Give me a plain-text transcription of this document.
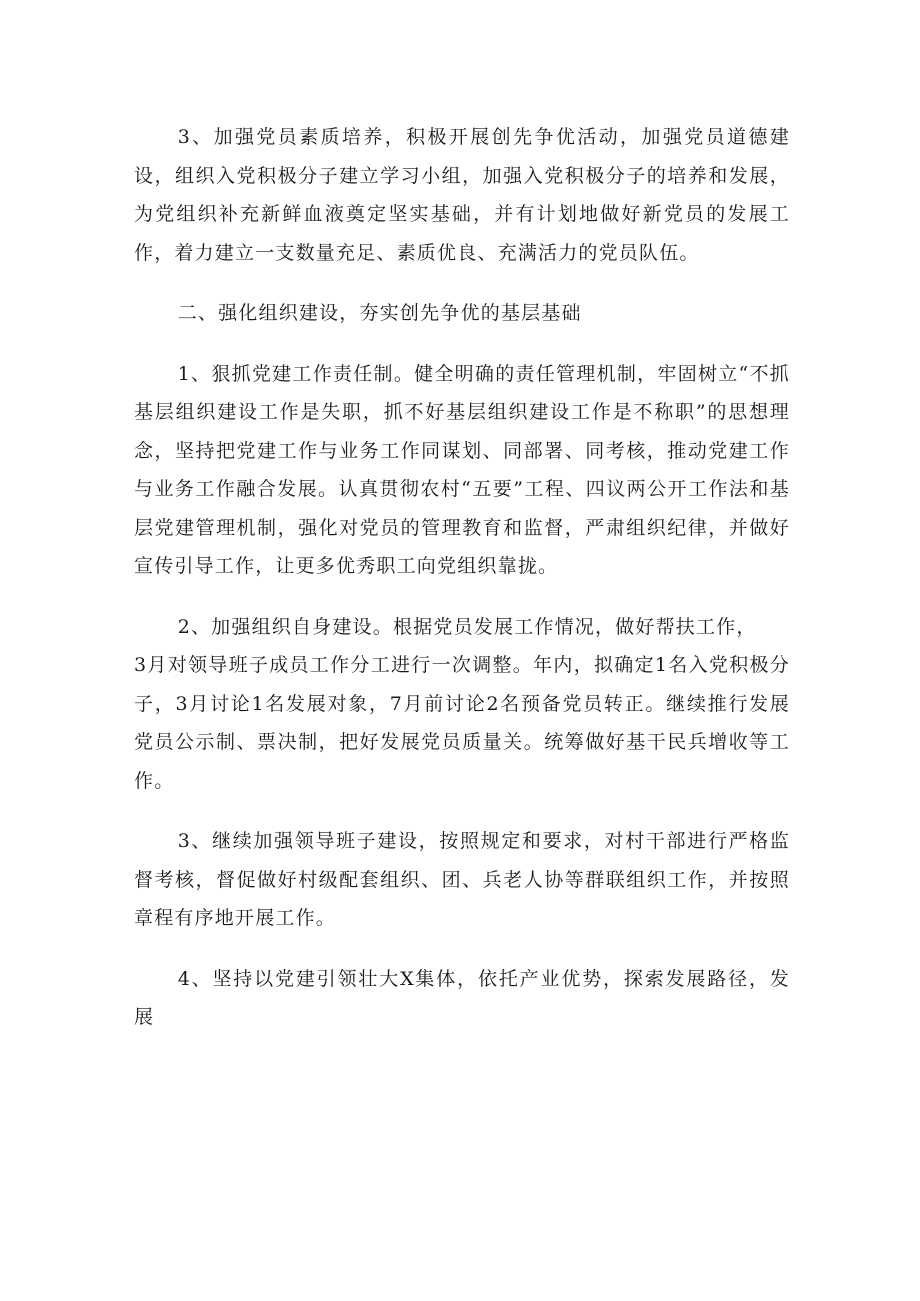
3、加强党员素质培养，积极开展创先争优活动，加强党员道德建设，组织入党积极分子建立学习小组，加强入党积极分子的培养和发展，为党组织补充新鲜血液奠定坚实基础，并有计划地做好新党员的发展工作，着力建立一支数量充足、素质优良、充满活力的党员队伍。

二、强化组织建设，夯实创先争优的基层基础

1、狠抓党建工作责任制。健全明确的责任管理机制，牢固树立“不抓基层组织建设工作是失职，抓不好基层组织建设工作是不称职”的思想理念，坚持把党建工作与业务工作同谋划、同部署、同考核，推动党建工作与业务工作融合发展。认真贯彻农村“五要”工程、四议两公开工作法和基层党建管理机制，强化对党员的管理教育和监督，严肃组织纪律，并做好宣传引导工作，让更多优秀职工向党组织靠拢。

2、加强组织自身建设。根据党员发展工作情况，做好帮扶工作，
3月对领导班子成员工作分工进行一次调整。年内，拟确定1名入党积极分子，3月讨论1名发展对象，7月前讨论2名预备党员转正。继续推行发展党员公示制、票决制，把好发展党员质量关。统筹做好基干民兵增收等工作。

3、继续加强领导班子建设，按照规定和要求，对村干部进行严格监督考核，督促做好村级配套组织、团、兵老人协等群联组织工作，并按照章程有序地开展工作。

4、坚持以党建引领壮大X集体，依托产业优势，探索发展路径，发展
